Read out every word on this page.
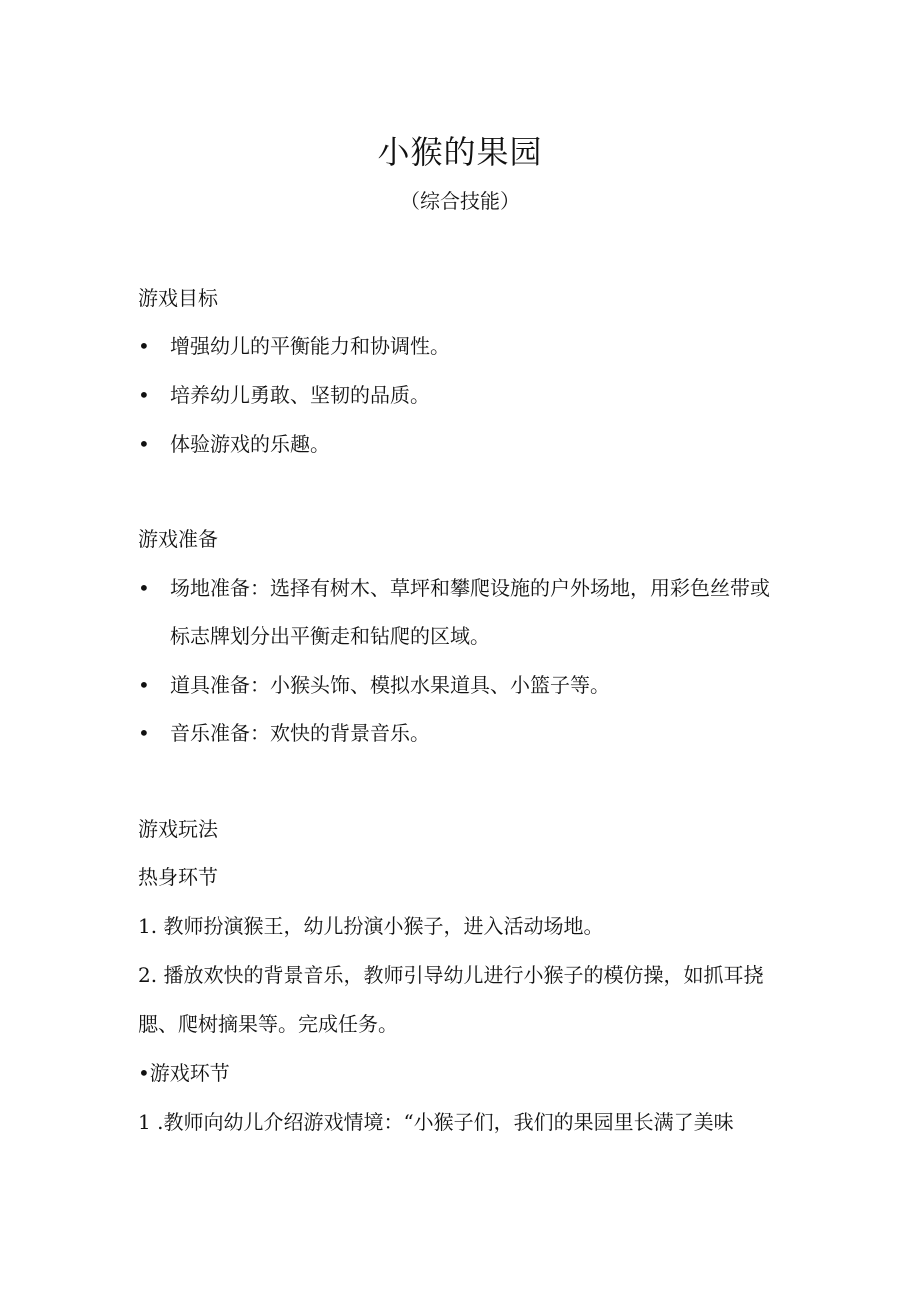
小猴的果园
（综合技能）
游戏目标
• 增强幼儿的平衡能力和协调性。
• 培养幼儿勇敢、坚韧的品质。
• 体验游戏的乐趣。
游戏准备
• 场地准备：选择有树木、草坪和攀爬设施的户外场地，用彩色丝带或
标志牌划分出平衡走和钻爬的区域。
• 道具准备：小猴头饰、模拟水果道具、小篮子等。
• 音乐准备：欢快的背景音乐。
游戏玩法
热身环节
1. 教师扮演猴王，幼儿扮演小猴子，进入活动场地。
2. 播放欢快的背景音乐，教师引导幼儿进行小猴子的模仿操，如抓耳挠
腮、爬树摘果等。完成任务。
•游戏环节
1 .教师向幼儿介绍游戏情境：“小猴子们，我们的果园里长满了美味
